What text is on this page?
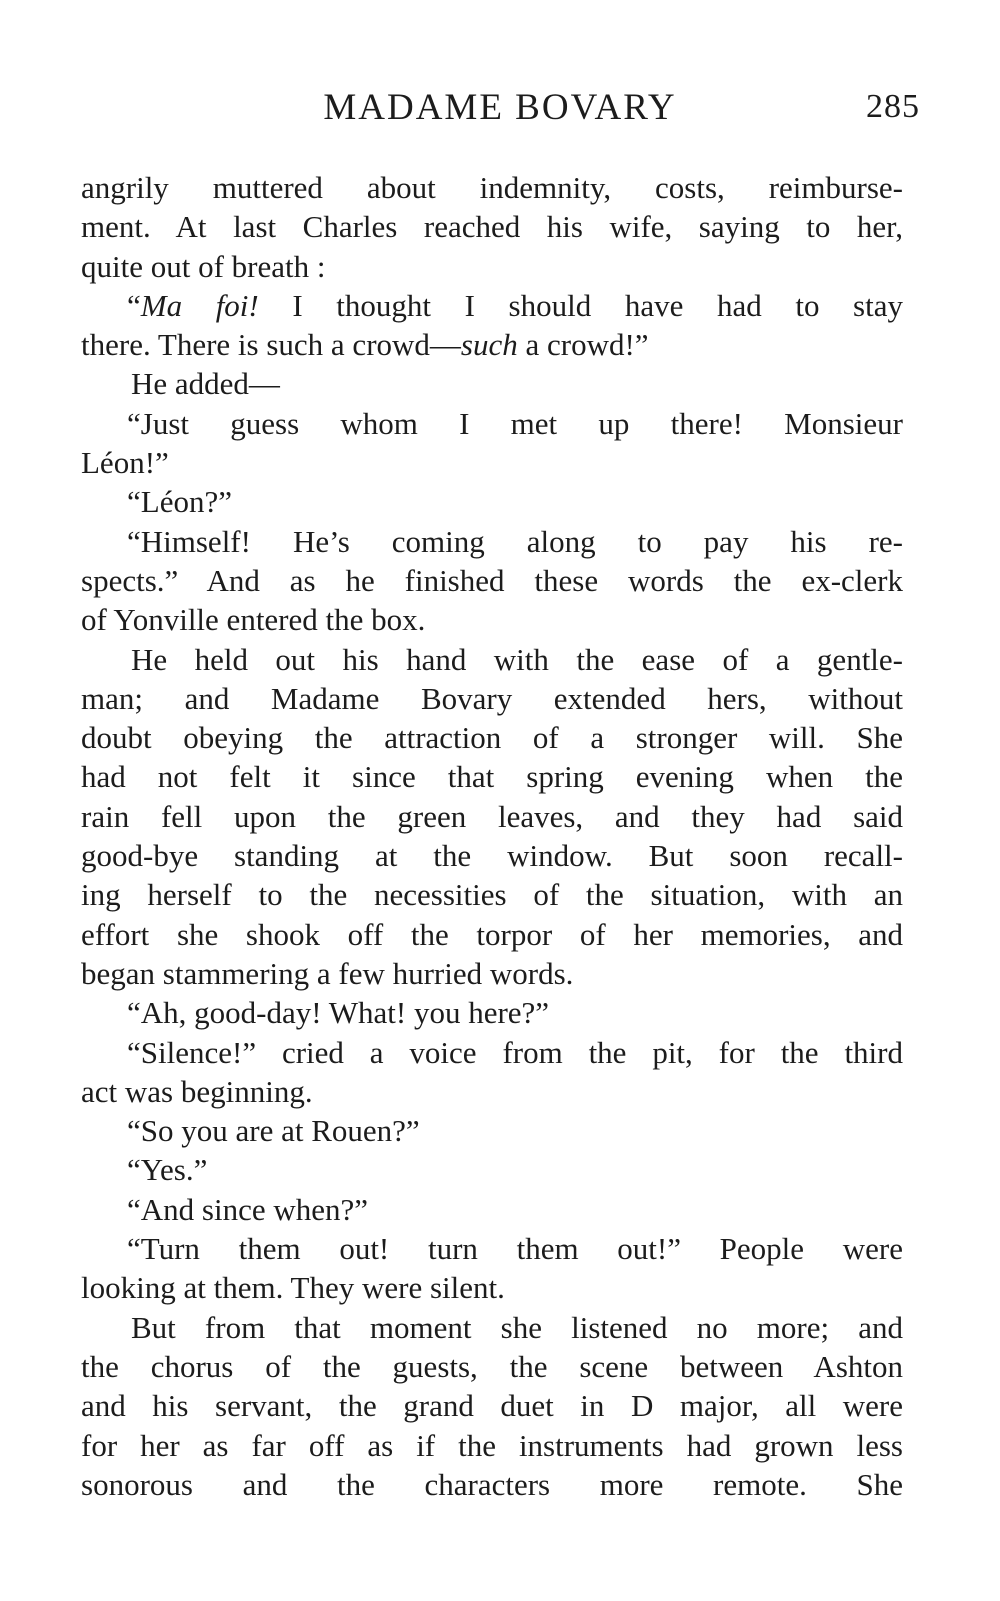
MADAME BOVARY	285
angrily muttered about indemnity, costs, reimburse-
ment. At last Charles reached his wife, saying to her,
quite out of breath :
“Ma foi! I thought I should have had to stay
there. There is such a crowd—such a crowd!”
He added—
“Just guess whom I met up there! Monsieur
Léon!”
“Léon?”
“Himself! He’s coming along to pay his re-
spects.” And as he finished these words the ex-clerk
of Yonville entered the box.
He held out his hand with the ease of a gentle-
man; and Madame Bovary extended hers, without
doubt obeying the attraction of a stronger will. She
had not felt it since that spring evening when the
rain fell upon the green leaves, and they had said
good-bye standing at the window. But soon recall-
ing herself to the necessities of the situation, with an
effort she shook off the torpor of her memories, and
began stammering a few hurried words.
“Ah, good-day! What! you here?”
“Silence!” cried a voice from the pit, for the third
act was beginning.
“So you are at Rouen?”
“Yes.”
“And since when?”
“Turn them out! turn them out!” People were
looking at them. They were silent.
But from that moment she listened no more; and
the chorus of the guests, the scene between Ashton
and his servant, the grand duet in D major, all were
for her as far off as if the instruments had grown less
sonorous and the characters more remote. She
